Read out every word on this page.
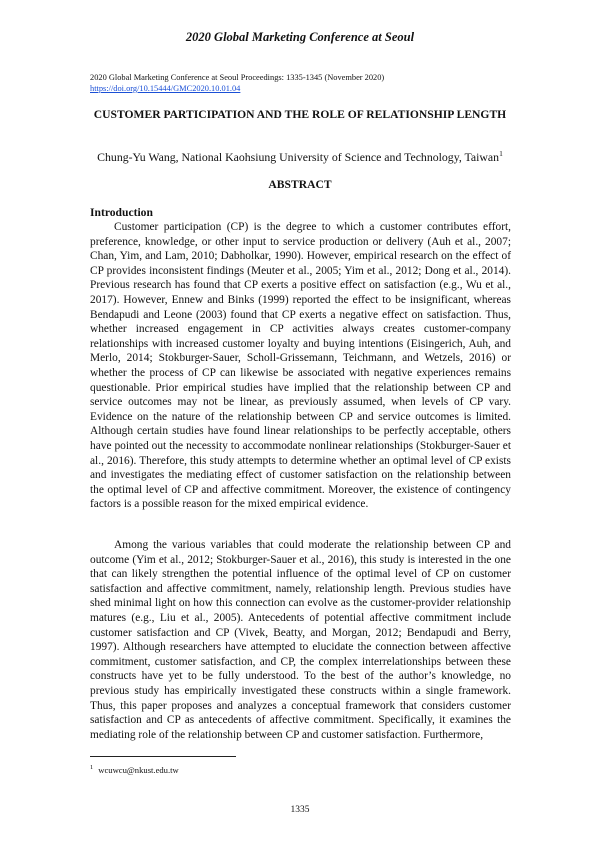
2020 Global Marketing Conference at Seoul
2020 Global Marketing Conference at Seoul Proceedings: 1335-1345 (November 2020)
https://doi.org/10.15444/GMC2020.10.01.04
CUSTOMER PARTICIPATION AND THE ROLE OF RELATIONSHIP LENGTH
Chung-Yu Wang, National Kaohsiung University of Science and Technology, Taiwan$^1$
ABSTRACT
Introduction

Customer participation (CP) is the degree to which a customer contributes effort, preference, knowledge, or other input to service production or delivery (Auh et al., 2007; Chan, Yim, and Lam, 2010; Dabholkar, 1990). However, empirical research on the effect of CP provides inconsistent findings (Meuter et al., 2005; Yim et al., 2012; Dong et al., 2014). Previous research has found that CP exerts a positive effect on satisfaction (e.g., Wu et al., 2017). However, Ennew and Binks (1999) reported the effect to be insignificant, whereas Bendapudi and Leone (2003) found that CP exerts a negative effect on satisfaction. Thus, whether increased engagement in CP activities always creates customer-company relationships with increased customer loyalty and buying intentions (Eisingerich, Auh, and Merlo, 2014; Stokburger-Sauer, Scholl-Grissemann, Teichmann, and Wetzels, 2016) or whether the process of CP can likewise be associated with negative experiences remains questionable. Prior empirical studies have implied that the relationship between CP and service outcomes may not be linear, as previously assumed, when levels of CP vary. Evidence on the nature of the relationship between CP and service outcomes is limited. Although certain studies have found linear relationships to be perfectly acceptable, others have pointed out the necessity to accommodate nonlinear relationships (Stokburger-Sauer et al., 2016). Therefore, this study attempts to determine whether an optimal level of CP exists and investigates the mediating effect of customer satisfaction on the relationship between the optimal level of CP and affective commitment. Moreover, the existence of contingency factors is a possible reason for the mixed empirical evidence.

Among the various variables that could moderate the relationship between CP and outcome (Yim et al., 2012; Stokburger-Sauer et al., 2016), this study is interested in the one that can likely strengthen the potential influence of the optimal level of CP on customer satisfaction and affective commitment, namely, relationship length. Previous studies have shed minimal light on how this connection can evolve as the customer-provider relationship matures (e.g., Liu et al., 2005). Antecedents of potential affective commitment include customer satisfaction and CP (Vivek, Beatty, and Morgan, 2012; Bendapudi and Berry, 1997). Although researchers have attempted to elucidate the connection between affective commitment, customer satisfaction, and CP, the complex interrelationships between these constructs have yet to be fully understood. To the best of the author’s knowledge, no previous study has empirically investigated these constructs within a single framework. Thus, this paper proposes and analyzes a conceptual framework that considers customer satisfaction and CP as antecedents of affective commitment. Specifically, it examines the mediating role of the relationship between CP and customer satisfaction. Furthermore,

$^1$ wcuwcu@nkust.edu.tw
1335
